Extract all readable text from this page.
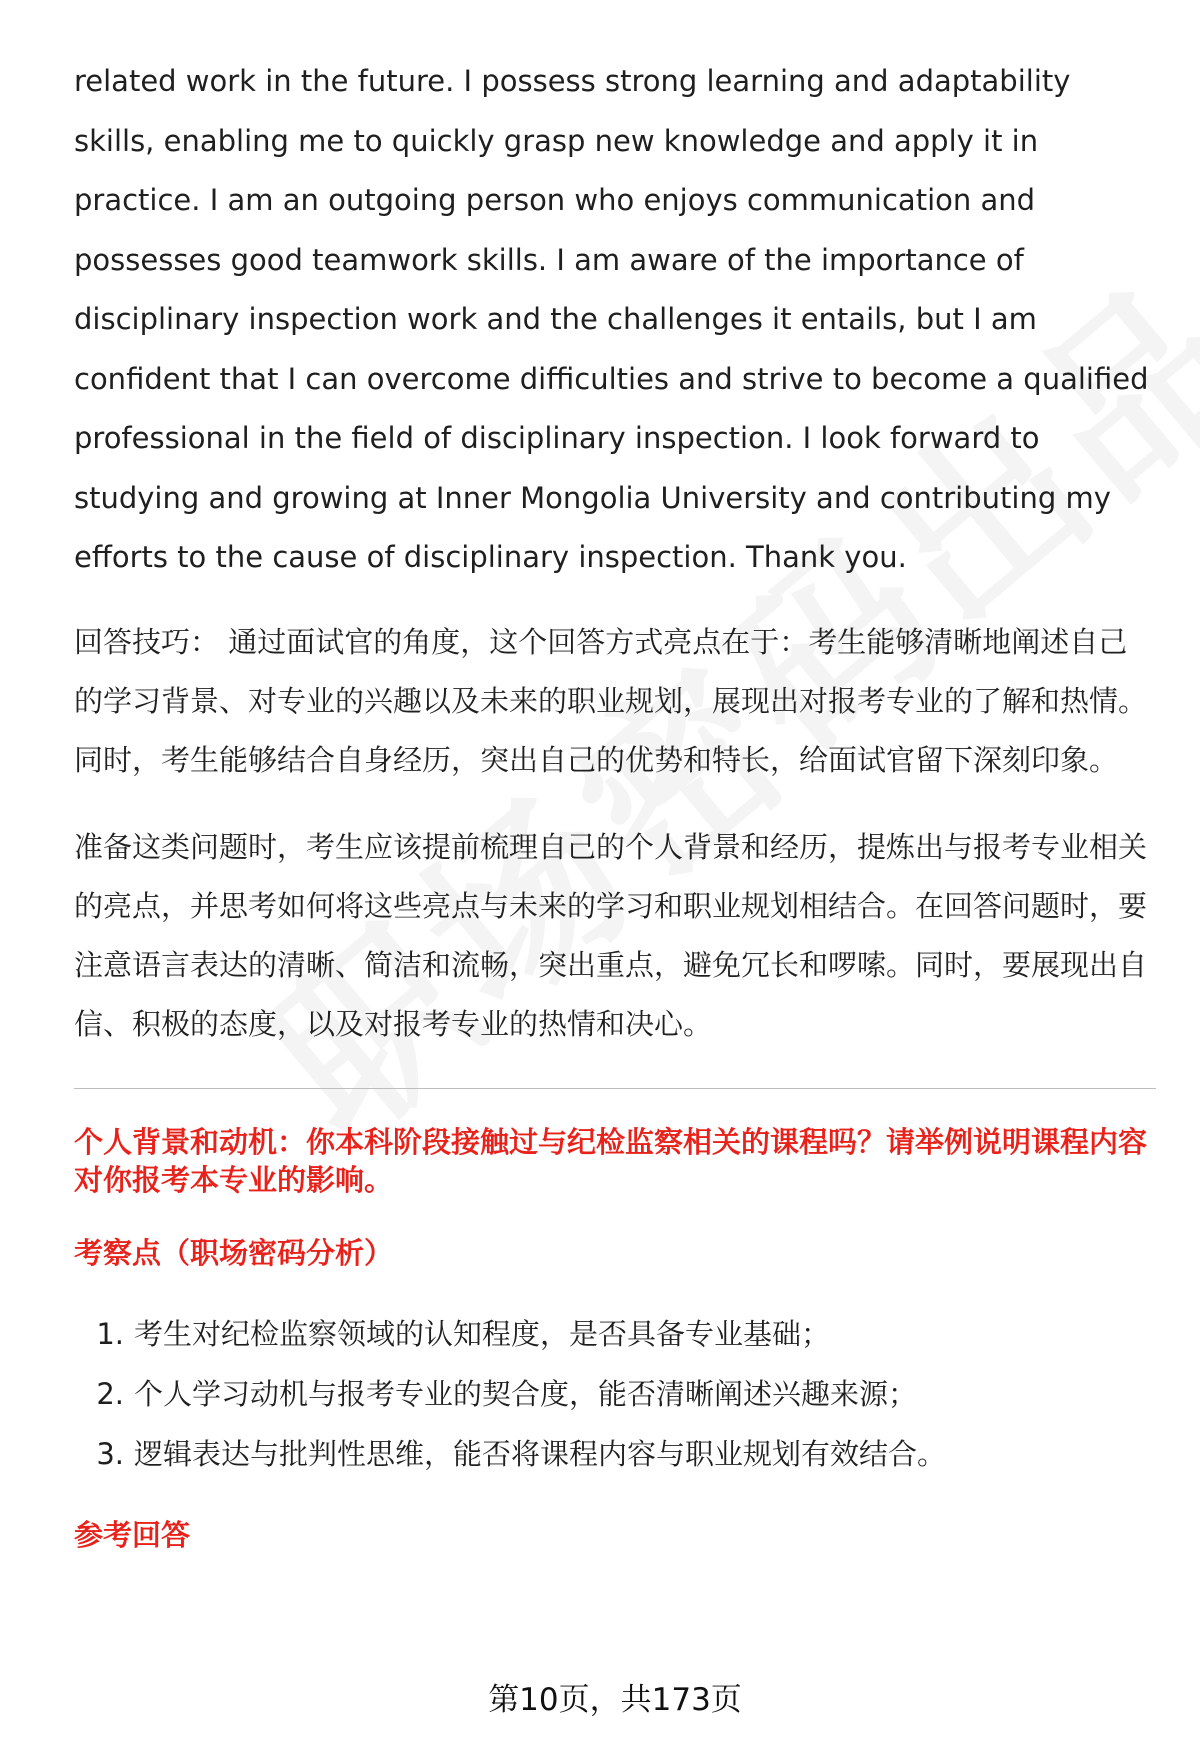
related work in the future. I possess strong learning and adaptability skills, enabling me to quickly grasp new knowledge and apply it in practice. I am an outgoing person who enjoys communication and possesses good teamwork skills. I am aware of the importance of disciplinary inspection work and the challenges it entails, but I am confident that I can overcome difficulties and strive to become a qualified professional in the field of disciplinary inspection. I look forward to studying and growing at Inner Mongolia University and contributing my efforts to the cause of disciplinary inspection. Thank you.

回答技巧： 通过面试官的角度，这个回答方式亮点在于：考生能够清晰地阐述自己的学习背景、对专业的兴趣以及未来的职业规划，展现出对报考专业的了解和热情。同时，考生能够结合自身经历，突出自己的优势和特长，给面试官留下深刻印象。

准备这类问题时，考生应该提前梳理自己的个人背景和经历，提炼出与报考专业相关的亮点，并思考如何将这些亮点与未来的学习和职业规划相结合。在回答问题时，要注意语言表达的清晰、简洁和流畅，突出重点，避免冗长和啰嗦。同时，要展现出自信、积极的态度，以及对报考专业的热情和决心。

个人背景和动机：你本科阶段接触过与纪检监察相关的课程吗？请举例说明课程内容对你报考本专业的影响。
考察点（职场密码分析）
1. 考生对纪检监察领域的认知程度，是否具备专业基础；
2. 个人学习动机与报考专业的契合度，能否清晰阐述兴趣来源；
3. 逻辑表达与批判性思维，能否将课程内容与职业规划有效结合。
参考回答
第10页，共173页
